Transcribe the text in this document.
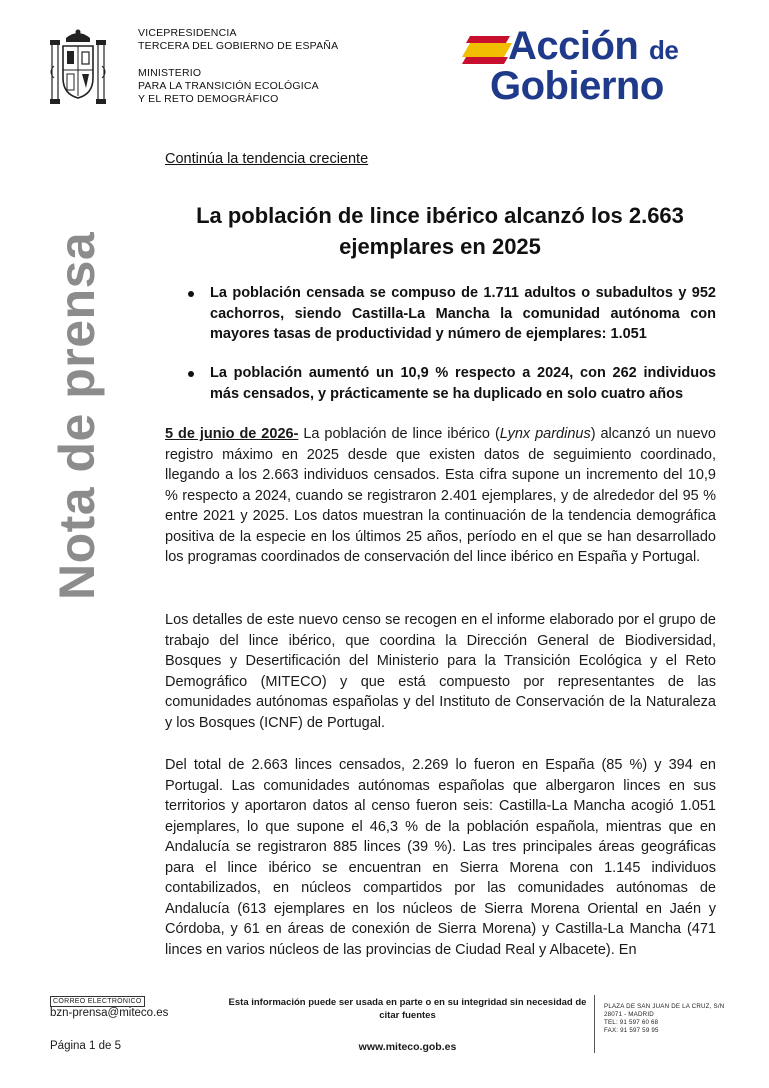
VICEPRESIDENCIA
TERCERA DEL GOBIERNO DE ESPAÑA
MINISTERIO
PARA LA TRANSICIÓN ECOLÓGICA
Y EL RETO DEMOGRÁFICO
Acción de
Gobierno
Nota de prensa
Continúa la tendencia creciente
La población de lince ibérico alcanzó los 2.663 ejemplares en 2025
La población censada se compuso de 1.711 adultos o subadultos y 952 cachorros, siendo Castilla-La Mancha la comunidad autónoma con mayores tasas de productividad y número de ejemplares: 1.051
La población aumentó un 10,9 % respecto a 2024, con 262 individuos más censados, y prácticamente se ha duplicado en solo cuatro años
5 de junio de 2026- La población de lince ibérico (Lynx pardinus) alcanzó un nuevo registro máximo en 2025 desde que existen datos de seguimiento coordinado, llegando a los 2.663 individuos censados. Esta cifra supone un incremento del 10,9 % respecto a 2024, cuando se registraron 2.401 ejemplares, y de alrededor del 95 % entre 2021 y 2025. Los datos muestran la continuación de la tendencia demográfica positiva de la especie en los últimos 25 años, período en el que se han desarrollado los programas coordinados de conservación del lince ibérico en España y Portugal.
Los detalles de este nuevo censo se recogen en el informe elaborado por el grupo de trabajo del lince ibérico, que coordina la Dirección General de Biodiversidad, Bosques y Desertificación del Ministerio para la Transición Ecológica y el Reto Demográfico (MITECO) y que está compuesto por representantes de las comunidades autónomas españolas y del Instituto de Conservación de la Naturaleza y los Bosques (ICNF) de Portugal.
Del total de 2.663 linces censados, 2.269 lo fueron en España (85 %) y 394 en Portugal. Las comunidades autónomas españolas que albergaron linces en sus territorios y aportaron datos al censo fueron seis: Castilla-La Mancha acogió 1.051 ejemplares, lo que supone el 46,3 % de la población española, mientras que en Andalucía se registraron 885 linces (39 %). Las tres principales áreas geográficas para el lince ibérico se encuentran en Sierra Morena con 1.145 individuos contabilizados, en núcleos compartidos por las comunidades autónomas de Andalucía (613 ejemplares en los núcleos de Sierra Morena Oriental en Jaén y Córdoba, y 61 en áreas de conexión de Sierra Morena) y Castilla-La Mancha (471 linces en varios núcleos de las provincias de Ciudad Real y Albacete). En
CORREO ELECTRÓNICO
bzn-prensa@miteco.es
Esta información puede ser usada en parte o en su integridad sin necesidad de citar fuentes
PLAZA DE SAN JUAN DE LA CRUZ, S/N
28071 - MADRID
TEL: 91 597 60 68
FAX: 91 597 59 95
Página 1 de 5	www.miteco.gob.es
